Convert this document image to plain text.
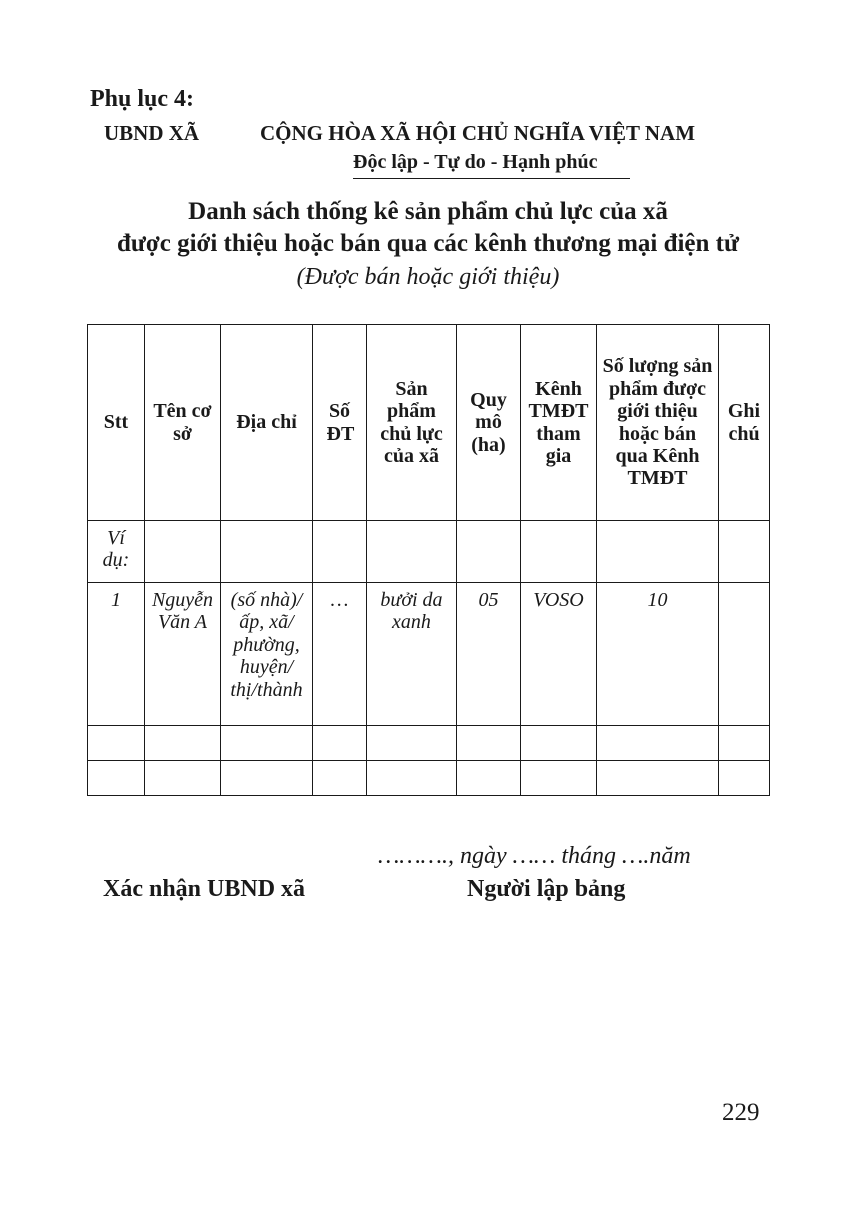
Phụ lục 4:
UBND XÃ	CỘNG HÒA XÃ HỘI CHỦ NGHĨA VIỆT NAM
Độc lập - Tự do - Hạnh phúc
Danh sách thống kê sản phẩm chủ lực của xã
được giới thiệu hoặc bán qua các kênh thương mại điện tử
(Được bán hoặc giới thiệu)
Stt	Tên cơ sở	Địa chỉ	Số ĐT	Sản phẩm chủ lực của xã	Quy mô (ha)	Kênh TMĐT tham gia	Số lượng sản phẩm được giới thiệu hoặc bán qua Kênh TMĐT	Ghi chú

Ví dụ:								

1	Nguyễn Văn A	(số nhà)/ ấp, xã/ phường, huyện/ thị/thành	…	bưởi da xanh	05	VOSO	10	

………., ngày …… tháng ….năm
Xác nhận UBND xã	Người lập bảng
229
